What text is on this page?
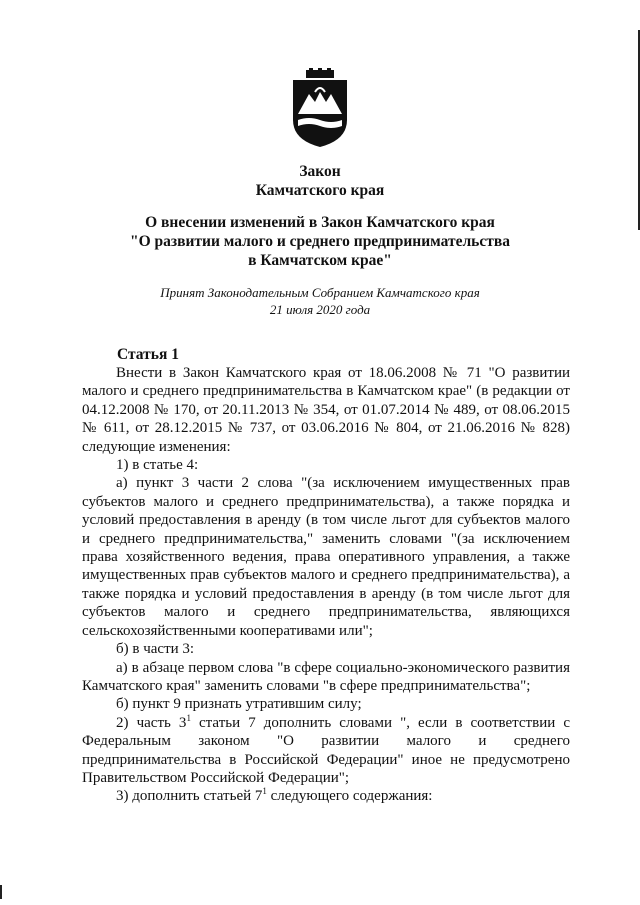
Закон
Камчатского края
О внесении изменений в Закон Камчатского края
"О развитии малого и среднего предпринимательства
в Камчатском крае"
Принят Законодательным Собранием Камчатского края
21 июля 2020 года
Статья 1

Внести в Закон Камчатского края от 18.06.2008 № 71 "О развитии малого и среднего предпринимательства в Камчатском крае" (в редакции от 04.12.2008 № 170, от 20.11.2013 № 354, от 01.07.2014 № 489, от 08.06.2015 № 611, от 28.12.2015 № 737, от 03.06.2016 № 804, от 21.06.2016 № 828) следующие изменения:

1) в статье 4:

а) пункт 3 части 2 слова "(за исключением имущественных прав субъектов малого и среднего предпринимательства), а также порядка и условий предоставления в аренду (в том числе льгот для субъектов малого и среднего предпринимательства," заменить словами "(за исключением права хозяйственного ведения, права оперативного управления, а также имущественных прав субъектов малого и среднего предпринимательства), а также порядка и условий предоставления в аренду (в том числе льгот для субъектов малого и среднего предпринимательства, являющихся сельскохозяйственными кооперативами или";

б) в части 3:

а) в абзаце первом слова "в сфере социально-экономического развития Камчатского края" заменить словами "в сфере предпринимательства";

б) пункт 9 признать утратившим силу;

2) часть $3^1$ статьи 7 дополнить словами ", если в соответствии с Федеральным законом "О развитии малого и среднего предпринимательства в Российской Федерации" иное не предусмотрено Правительством Российской Федерации";

3) дополнить статьей $7^1$ следующего содержания:
